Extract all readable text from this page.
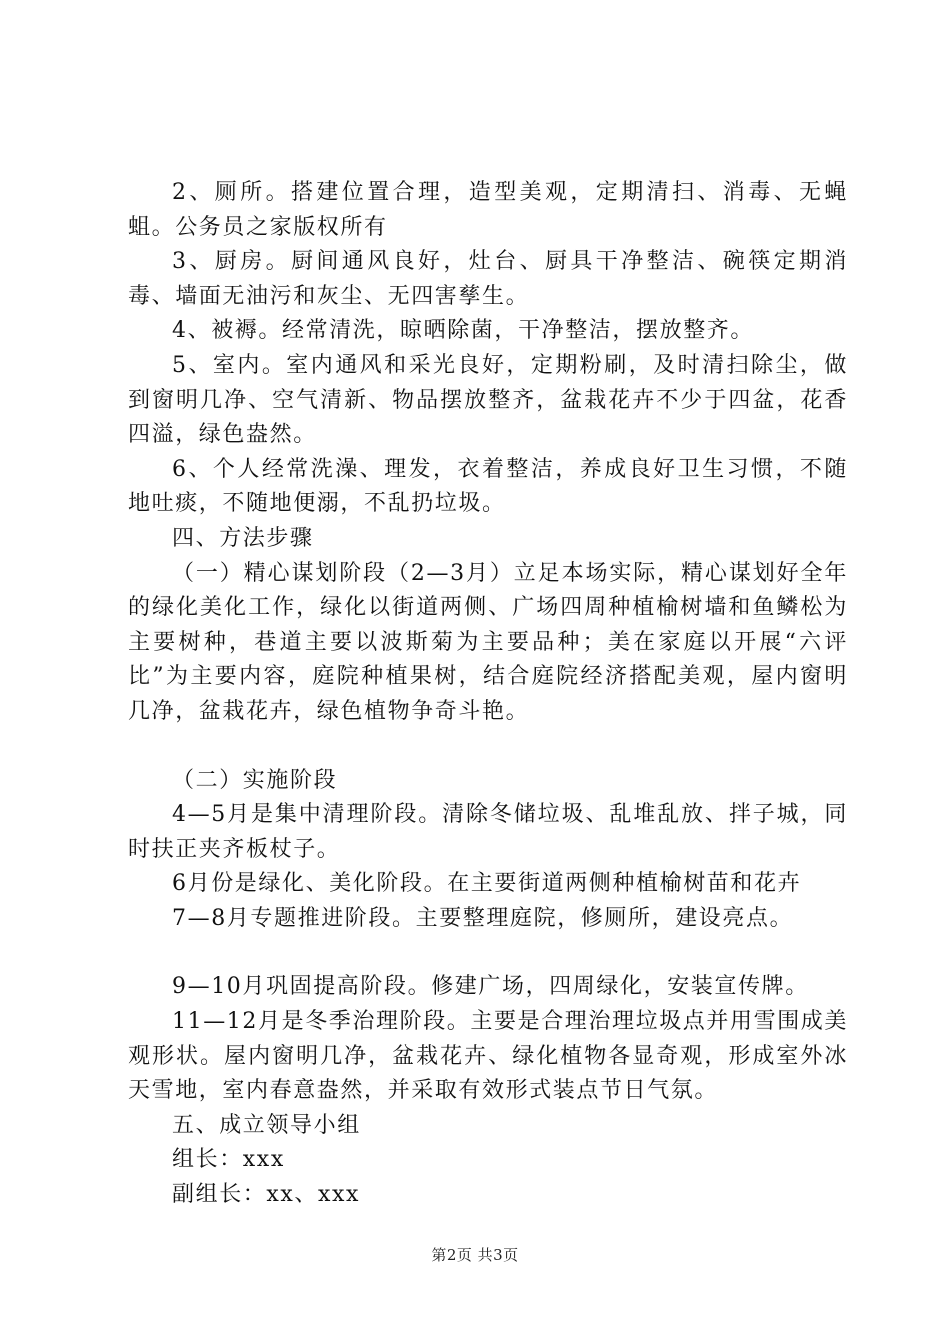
2、厕所。搭建位置合理，造型美观，定期清扫、消毒、无蝇蛆。公务员之家版权所有

3、厨房。厨间通风良好，灶台、厨具干净整洁、碗筷定期消毒、墙面无油污和灰尘、无四害孳生。

4、被褥。经常清洗，晾晒除菌，干净整洁，摆放整齐。

5、室内。室内通风和采光良好，定期粉刷，及时清扫除尘，做到窗明几净、空气清新、物品摆放整齐，盆栽花卉不少于四盆，花香四溢，绿色盎然。

6、个人经常洗澡、理发，衣着整洁，养成良好卫生习惯，不随地吐痰，不随地便溺，不乱扔垃圾。

四、方法步骤

（一）精心谋划阶段（2—3月）立足本场实际，精心谋划好全年的绿化美化工作，绿化以街道两侧、广场四周种植榆树墙和鱼鳞松为主要树种，巷道主要以波斯菊为主要品种；美在家庭以开展“六评比”为主要内容，庭院种植果树，结合庭院经济搭配美观，屋内窗明几净，盆栽花卉，绿色植物争奇斗艳。

（二）实施阶段

4—5月是集中清理阶段。清除冬储垃圾、乱堆乱放、拌子城，同时扶正夹齐板杖子。

6月份是绿化、美化阶段。在主要街道两侧种植榆树苗和花卉

7—8月专题推进阶段。主要整理庭院，修厕所，建设亮点。

9—10月巩固提高阶段。修建广场，四周绿化，安装宣传牌。

11—12月是冬季治理阶段。主要是合理治理垃圾点并用雪围成美观形状。屋内窗明几净，盆栽花卉、绿化植物各显奇观，形成室外冰天雪地，室内春意盎然，并采取有效形式装点节日气氛。

五、成立领导小组

组长：xxx

副组长：xx、xxx

第2页 共3页
